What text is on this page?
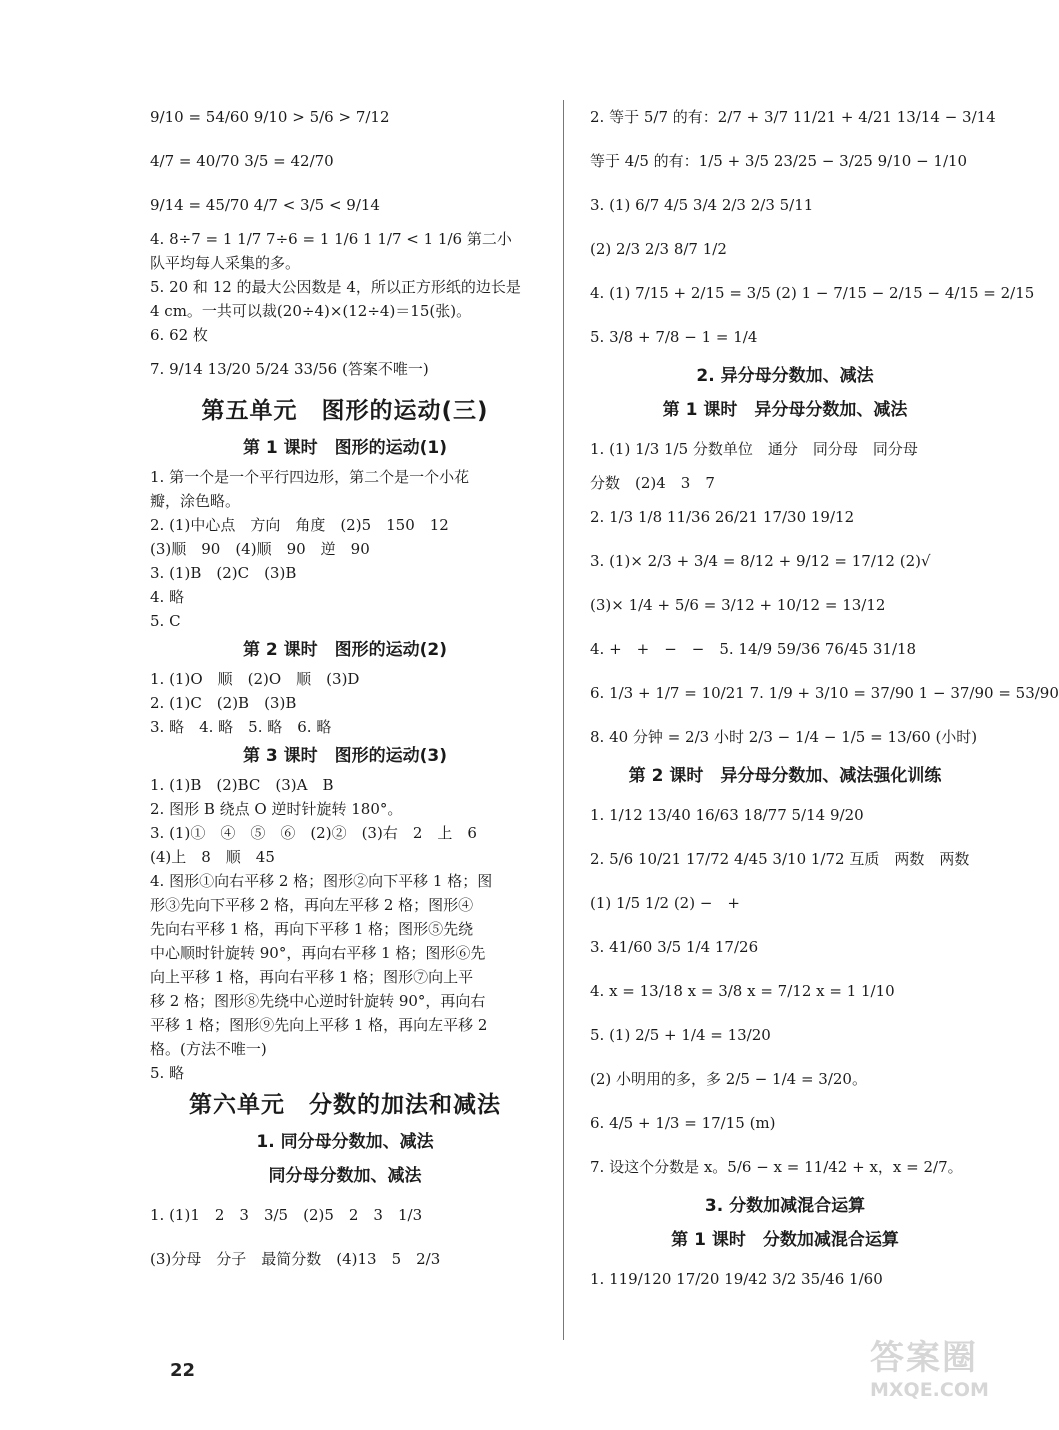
9/10 = 54/60 9/10 > 5/6 > 7/12
4/7 = 40/70 3/5 = 42/70
9/14 = 45/70 4/7 < 3/5 < 9/14
4. 8÷7 = 1 1/7 7÷6 = 1 1/6 1 1/7 < 1 1/6 第二小
队平均每人采集的多。
5. 20 和 12 的最大公因数是 4，所以正方形纸的边长是
4 cm。一共可以裁(20÷4)×(12÷4)＝15(张)。
6. 62 枚
7. 9/14 13/20 5/24 33/56 (答案不唯一)
第五单元　图形的运动(三)
第 1 课时　图形的运动(1)
1. 第一个是一个平行四边形，第二个是一个小花
瓣，涂色略。
2. (1)中心点　方向　角度　(2)5　150　12
(3)顺　90　(4)顺　90　逆　90
3. (1)B　(2)C　(3)B
4. 略
5. C
第 2 课时　图形的运动(2)
1. (1)O　顺　(2)O　顺　(3)D
2. (1)C　(2)B　(3)B
3. 略　4. 略　5. 略　6. 略
第 3 课时　图形的运动(3)
1. (1)B　(2)BC　(3)A　B
2. 图形 B 绕点 O 逆时针旋转 180°。
3. (1)①　④　⑤　⑥　(2)②　(3)右　2　上　6
(4)上　8　顺　45
4. 图形①向右平移 2 格；图形②向下平移 1 格；图
形③先向下平移 2 格，再向左平移 2 格；图形④
先向右平移 1 格，再向下平移 1 格；图形⑤先绕
中心顺时针旋转 90°，再向右平移 1 格；图形⑥先
向上平移 1 格，再向右平移 1 格；图形⑦向上平
移 2 格；图形⑧先绕中心逆时针旋转 90°，再向右
平移 1 格；图形⑨先向上平移 1 格，再向左平移 2
格。(方法不唯一)
5. 略
第六单元　分数的加法和减法
1. 同分母分数加、减法
同分母分数加、减法
1. (1)1　2　3　3/5　(2)5　2　3　1/3
(3)分母　分子　最简分数　(4)13　5　2/3
2. 等于 5/7 的有：2/7 + 3/7 11/21 + 4/21 13/14 − 3/14
等于 4/5 的有：1/5 + 3/5 23/25 − 3/25 9/10 − 1/10
3. (1) 6/7 4/5 3/4 2/3 2/3 5/11
(2) 2/3 2/3 8/7 1/2
4. (1) 7/15 + 2/15 = 3/5 (2) 1 − 7/15 − 2/15 − 4/15 = 2/15
5. 3/8 + 7/8 − 1 = 1/4
2. 异分母分数加、减法
第 1 课时　异分母分数加、减法
1. (1) 1/3 1/5 分数单位　通分　同分母　同分母
分数　(2)4　3　7
2. 1/3 1/8 11/36 26/21 17/30 19/12
3. (1)× 2/3 + 3/4 = 8/12 + 9/12 = 17/12 (2)√
(3)× 1/4 + 5/6 = 3/12 + 10/12 = 13/12
4. +　+　−　−　5. 14/9 59/36 76/45 31/18
6. 1/3 + 1/7 = 10/21 7. 1/9 + 3/10 = 37/90 1 − 37/90 = 53/90
8. 40 分钟 = 2/3 小时 2/3 − 1/4 − 1/5 = 13/60 (小时)
第 2 课时　异分母分数加、减法强化训练
1. 1/12 13/40 16/63 18/77 5/14 9/20
2. 5/6 10/21 17/72 4/45 3/10 1/72 互质　两数　两数
(1) 1/5 1/2 (2) −　+
3. 41/60 3/5 1/4 17/26
4. x = 13/18 x = 3/8 x = 7/12 x = 1 1/10
5. (1) 2/5 + 1/4 = 13/20
(2) 小明用的多，多 2/5 − 1/4 = 3/20。
6. 4/5 + 1/3 = 17/15 (m)
7. 设这个分数是 x。5/6 − x = 11/42 + x，x = 2/7。
3. 分数加减混合运算
第 1 课时　分数加减混合运算
1. 119/120 17/20 19/42 3/2 35/46 1/60
22	答案圈
MXQE.COM
